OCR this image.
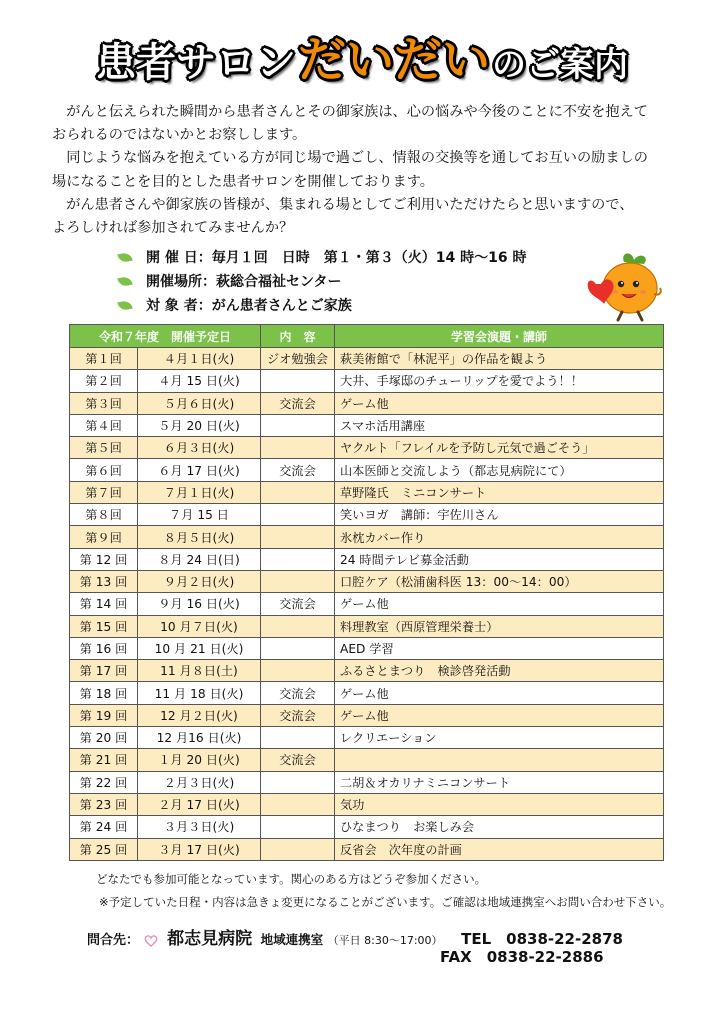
患者サロンだいだいのご案内

　がんと伝えられた瞬間から患者さんとその御家族は、心の悩みや今後のことに不安を抱えて

おられるのではないかとお察しします。

　同じような悩みを抱えている方が同じ場で過ごし、情報の交換等を通してお互いの励ましの

場になることを目的とした患者サロンを開催しております。

　がん患者さんや御家族の皆様が、集まれる場としてご利用いただけたらと思いますので、

よろしければ参加されてみませんか？

開 催 日：毎月１回　日時　第１・第３（火）14 時～16 時
開催場所：萩総合福祉センター
対 象 者：がん患者さんとご家族
令和７年度　開催予定日		内　容	学習会演題・講師
第１回	４月１日(火)	ジオ勉強会	萩美術館で「林泥平」の作品を観よう
第２回	４月 15 日(火)		大井、手塚邸のチューリップを愛でよう！！
第３回	５月６日(火)	交流会	ゲーム他
第４回	５月 20 日(火)		スマホ活用講座
第５回	６月３日(火)		ヤクルト「フレイルを予防し元気で過ごそう」
第６回	６月 17 日(火)	交流会	山本医師と交流しよう（都志見病院にて）
第７回	７月１日(火)		草野隆氏　ミニコンサート
第８回	７月 15 日		笑いヨガ　講師：宇佐川さん
第９回	８月５日(火)		氷枕カバー作り
第 12 回	８月 24 日(日)		24 時間テレビ募金活動
第 13 回	９月２日(火)		口腔ケア（松浦歯科医 13：00～14：00）
第 14 回	９月 16 日(火)	交流会	ゲーム他
第 15 回	10 月７日(火)		料理教室（西原管理栄養士）
第 16 回	10 月 21 日(火)		AED 学習
第 17 回	11 月８日(土)		ふるさとまつり　検診啓発活動
第 18 回	11 月 18 日(火)	交流会	ゲーム他
第 19 回	12 月２日(火)	交流会	ゲーム他
第 20 回	12 月16 日(火)		レクリエーション
第 21 回	１月 20 日(火)	交流会	
第 22 回	２月３日(火)		二胡＆オカリナミニコンサート
第 23 回	２月 17 日(火)		気功
第 24 回	３月３日(火)		ひなまつり　お楽しみ会
第 25 回	３月 17 日(火)		反省会　次年度の計画
どなたでも参加可能となっています。関心のある方はどうぞ参加ください。
※予定していた日程・内容は急きょ変更になることがございます。ご確認は地域連携室へお問い合わせ下さい。
問合先： 都志見病院 地域連携室 （平日 8:30～17:00） TEL　0838-22-2878
FAX　0838-22-2886
